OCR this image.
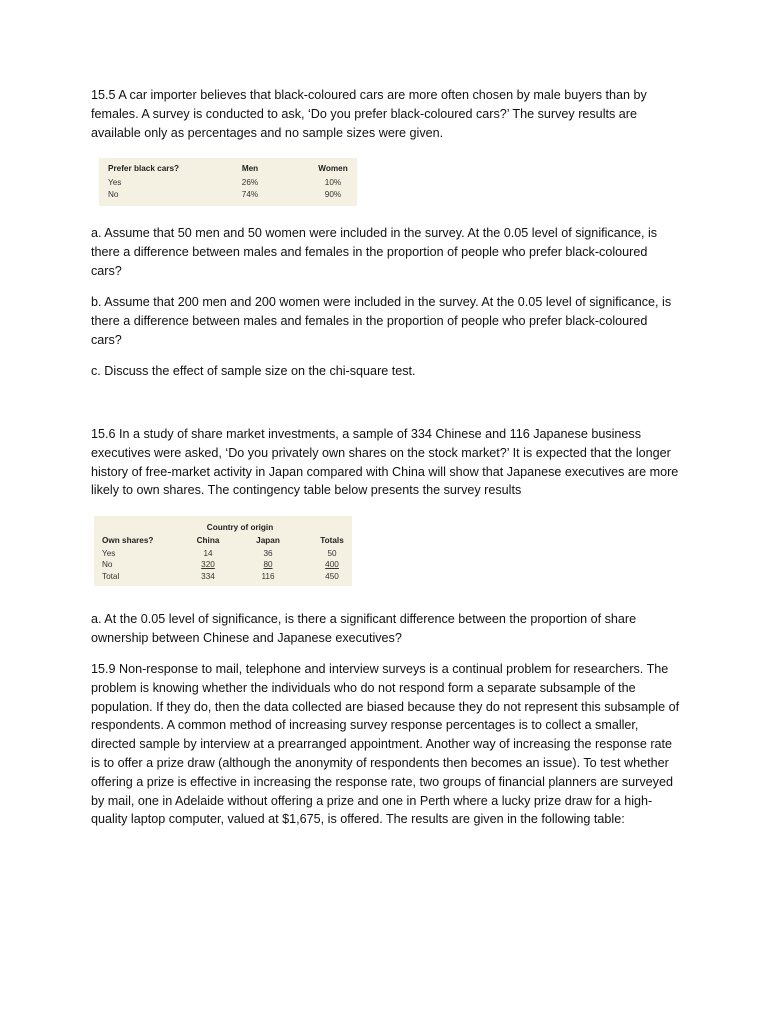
15.5 A car importer believes that black-coloured cars are more often chosen by male buyers than by females. A survey is conducted to ask, ‘Do you prefer black-coloured cars?’ The survey results are available only as percentages and no sample sizes were given.

Prefer black cars?	Men	Women
Yes	26%	10%
No	74%	90%

a. Assume that 50 men and 50 women were included in the survey. At the 0.05 level of significance, is there a difference between males and females in the proportion of people who prefer black-coloured cars?

b. Assume that 200 men and 200 women were included in the survey. At the 0.05 level of significance, is there a difference between males and females in the proportion of people who prefer black-coloured cars?

c. Discuss the effect of sample size on the chi-square test.

15.6 In a study of share market investments, a sample of 334 Chinese and 116 Japanese business executives were asked, ‘Do you privately own shares on the stock market?’ It is expected that the longer history of free-market activity in Japan compared with China will show that Japanese executives are more likely to own shares. The contingency table below presents the survey results

Country of origin
Own shares?	China	Japan	Totals
Yes	14	36	50
No	320	80	400
Total	334	116	450

a. At the 0.05 level of significance, is there a significant difference between the proportion of share ownership between Chinese and Japanese executives?

15.9 Non-response to mail, telephone and interview surveys is a continual problem for researchers. The problem is knowing whether the individuals who do not respond form a separate subsample of the population. If they do, then the data collected are biased because they do not represent this subsample of respondents. A common method of increasing survey response percentages is to collect a smaller, directed sample by interview at a prearranged appointment. Another way of increasing the response rate is to offer a prize draw (although the anonymity of respondents then becomes an issue). To test whether offering a prize is effective in increasing the response rate, two groups of financial planners are surveyed by mail, one in Adelaide without offering a prize and one in Perth where a lucky prize draw for a high-quality laptop computer, valued at $1,675, is offered. The results are given in the following table:
